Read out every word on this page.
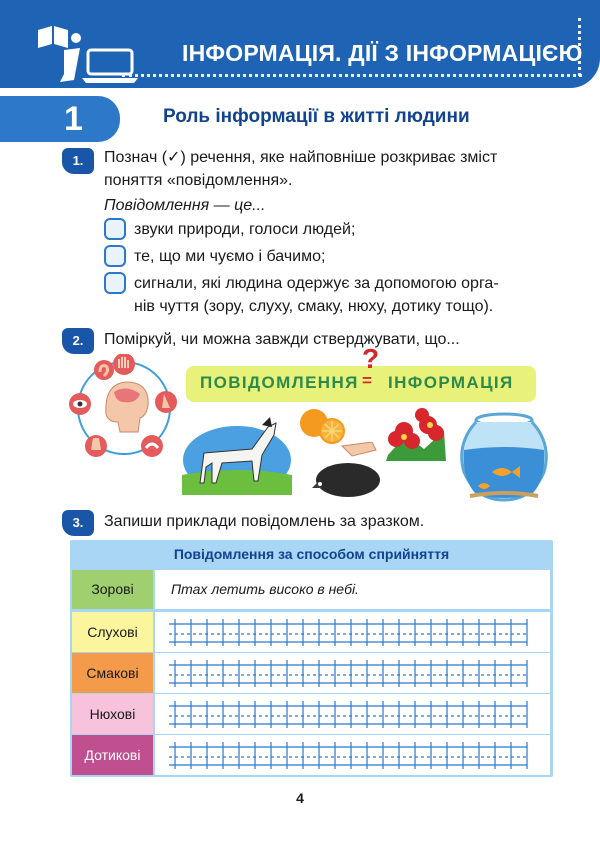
ІНФОРМАЦІЯ. ДІЇ З ІНФОРМАЦІЄЮ
1	Роль інформації в житті людини
1.	Познач (✓) речення, яке найповніше розкриває зміст
поняття «повідомлення».
Повідомлення — це...
звуки природи, голоси людей;
те, що ми чуємо і бачимо;
сигнали, які людина одержує за допомогою орга-
нів чуття (зору, слуху, смаку, нюху, дотику тощо).
2.	Поміркуй, чи можна завжди стверджувати, що...
ПОВІДОМЛЕННЯ =
?
ІНФОРМАЦІЯ
3.	Запиши приклади повідомлень за зразком.
Повідомлення за способом сприйняття
Зорові	Птах летить високо в небі.
Слухові
Смакові
Нюхові
Дотикові
4
